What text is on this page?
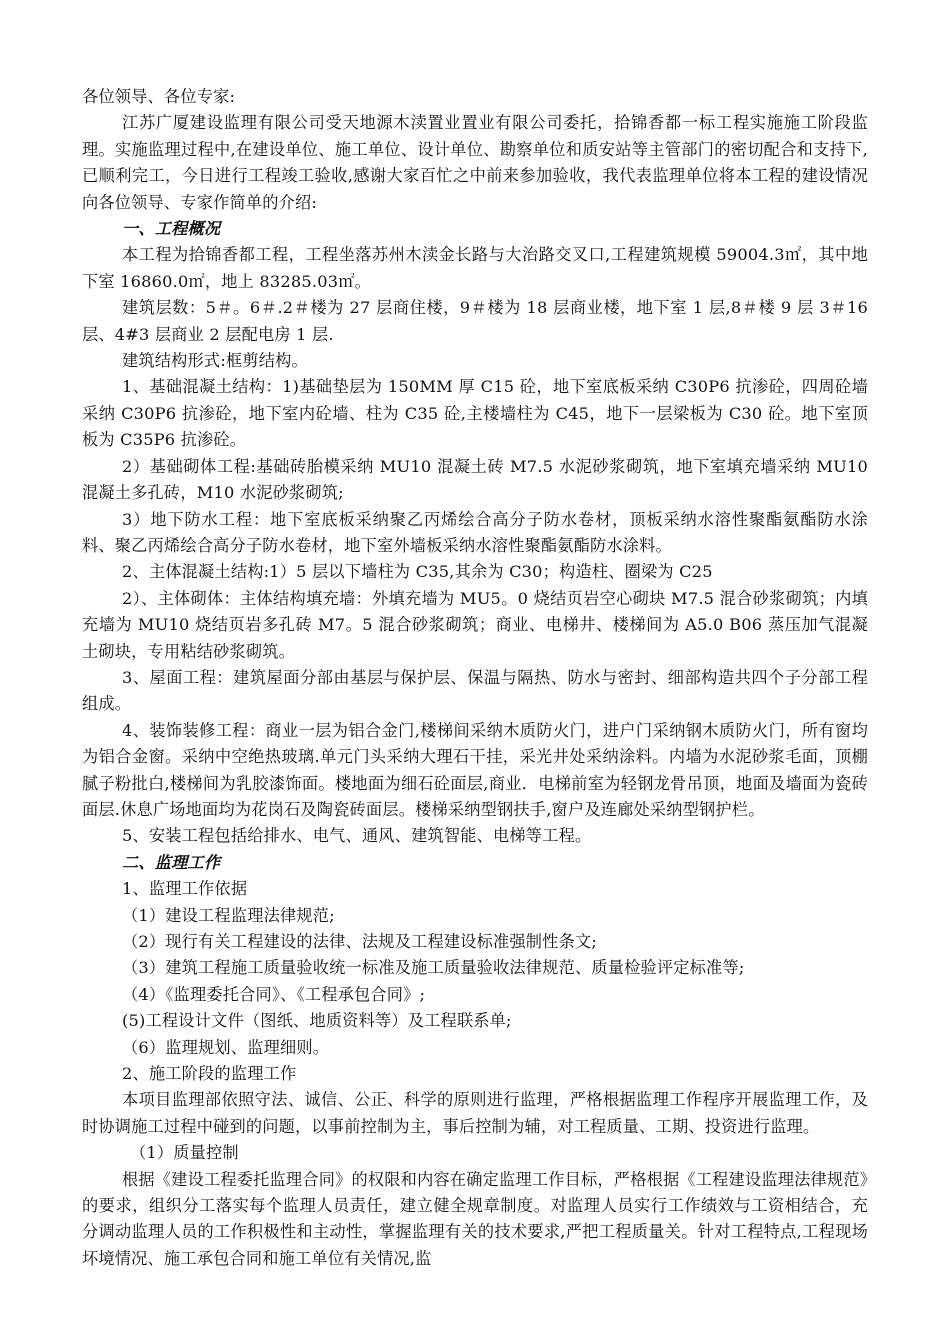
各位领导、各位专家:

江苏广厦建设监理有限公司受天地源木渎置业置业有限公司委托，拾锦香都一标工程实施施工阶段监理。实施监理过程中,在建设单位、施工单位、设计单位、勘察单位和质安站等主管部门的密切配合和支持下,已顺利完工，今日进行工程竣工验收,感谢大家百忙之中前来参加验收，我代表监理单位将本工程的建设情况向各位领导、专家作简单的介绍:

一、工程概况

本工程为拾锦香都工程，工程坐落苏州木渎金长路与大治路交叉口,工程建筑规模 59004.3㎡，其中地下室 16860.0㎡，地上 83285.03㎡。

建筑层数：5＃。6＃.2＃楼为 27 层商住楼，9＃楼为 18 层商业楼，地下室 1 层,8＃楼 9 层 3＃16 层、4#3 层商业 2 层配电房 1 层.

建筑结构形式:框剪结构。

1、基础混凝土结构：1)基础垫层为 150MM 厚 C15 砼，地下室底板采纳 C30P6 抗渗砼，四周砼墙采纳 C30P6 抗渗砼，地下室内砼墙、柱为 C35 砼,主楼墙柱为 C45，地下一层梁板为 C30 砼。地下室顶板为 C35P6 抗渗砼。

2）基础砌体工程:基础砖胎模采纳 MU10 混凝土砖 M7.5 水泥砂浆砌筑，地下室填充墙采纳 MU10 混凝土多孔砖，M10 水泥砂浆砌筑;

3）地下防水工程：地下室底板采纳聚乙丙烯绘合高分子防水卷材，顶板采纳水溶性聚酯氨酯防水涂料、聚乙丙烯绘合高分子防水卷材，地下室外墙板采纳水溶性聚酯氨酯防水涂料。

2、主体混凝土结构:1）5 层以下墙柱为 C35,其余为 C30；构造柱、圈梁为 C25

2）、主体砌体：主体结构填充墙：外填充墙为 MU5。0 烧结页岩空心砌块 M7.5 混合砂浆砌筑；内填充墙为 MU10 烧结页岩多孔砖 M7。5 混合砂浆砌筑；商业、电梯井、楼梯间为 A5.0 B06 蒸压加气混凝土砌块，专用粘结砂浆砌筑。

3、屋面工程：建筑屋面分部由基层与保护层、保温与隔热、防水与密封、细部构造共四个子分部工程组成。

4、装饰装修工程：商业一层为铝合金门,楼梯间采纳木质防火门，进户门采纳钢木质防火门，所有窗均为铝合金窗。采纳中空绝热玻璃.单元门头采纳大理石干挂，采光井处采纳涂料。内墙为水泥砂浆毛面，顶棚腻子粉批白,楼梯间为乳胶漆饰面。楼地面为细石砼面层,商业．电梯前室为轻钢龙骨吊顶，地面及墙面为瓷砖面层.休息广场地面均为花岗石及陶瓷砖面层。楼梯采纳型钢扶手,窗户及连廊处采纳型钢护栏。

5、安装工程包括给排水、电气、通风、建筑智能、电梯等工程。

二、监理工作

1、监理工作依据

（1）建设工程监理法律规范;

（2）现行有关工程建设的法律、法规及工程建设标准强制性条文;

（3）建筑工程施工质量验收统一标准及施工质量验收法律规范、质量检验评定标准等;

（4）《监理委托合同》、《工程承包合同》;

(5)工程设计文件（图纸、地质资料等）及工程联系单;

（6）监理规划、监理细则。

2、施工阶段的监理工作

本项目监理部依照守法、诚信、公正、科学的原则进行监理，严格根据监理工作程序开展监理工作，及时协调施工过程中碰到的问题，以事前控制为主，事后控制为辅，对工程质量、工期、投资进行监理。

（1）质量控制

根据《建设工程委托监理合同》的权限和内容在确定监理工作目标，严格根据《工程建设监理法律规范》的要求，组织分工落实每个监理人员责任，建立健全规章制度。对监理人员实行工作绩效与工资相结合，充分调动监理人员的工作积极性和主动性，掌握监理有关的技术要求,严把工程质量关。针对工程特点,工程现场坏境情况、施工承包合同和施工单位有关情况,监
